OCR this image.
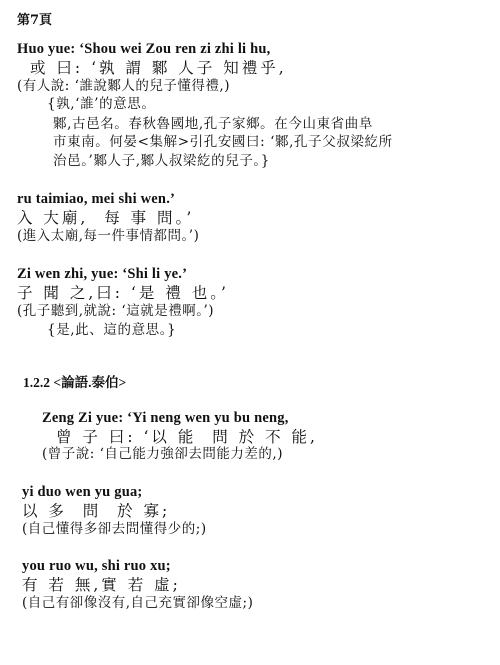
第7頁
Huo yue: ‘Shou wei Zou ren zi zhi li hu,
或 曰: ‘孰 謂 鄹 人子 知禮乎,
(有人說: ‘誰說鄹人的兒子懂得禮,)
{孰,‘誰’的意思。
鄹,古邑名。春秋魯國地,孔子家鄉。在今山東省曲阜
市東南。何晏<集解>引孔安國曰: ‘鄹,孔子父叔梁紇所
治邑。’鄹人子,鄹人叔梁紇的兒子。}
ru taimiao, mei shi wen.’
入 大廟,  每 事 問。’
(進入太廟,每一件事情都問。’)
Zi wen zhi, yue: ‘Shi li ye.’
子 聞 之,曰: ‘是 禮 也。’
(孔子聽到,就說: ‘這就是禮啊。’)
{是,此、這的意思。}
1.2.2 <論語.泰伯>
Zeng Zi yue: ‘Yi neng wen yu bu neng,
曾 子 曰: ‘以 能  問 於 不 能,
(曾子說: ‘自己能力強卻去問能力差的,)
yi duo wen yu gua;
以 多  問  於 寡;
(自己懂得多卻去問懂得少的;)
you ruo wu, shi ruo xu;
有 若 無,實 若 虛;
(自己有卻像沒有,自己充實卻像空虛;)
